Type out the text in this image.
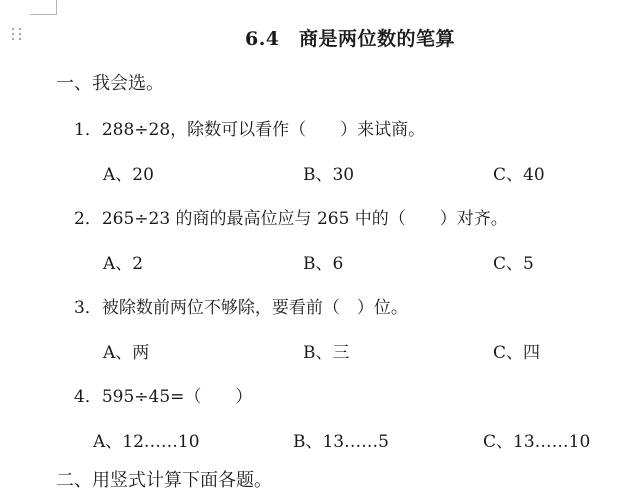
6.4　商是两位数的笔算
一、我会选。
1．288÷28，除数可以看作（　　）来试商。
A、20	B、30	C、40
2．265÷23 的商的最高位应与 265 中的（　　）对齐。
A、2	B、6	C、5
3．被除数前两位不够除，要看前（　）位。
A、两	B、三	C、四
4．595÷45=（　　）
A、12……10	B、13……5	C、13……10
二、用竖式计算下面各题。
